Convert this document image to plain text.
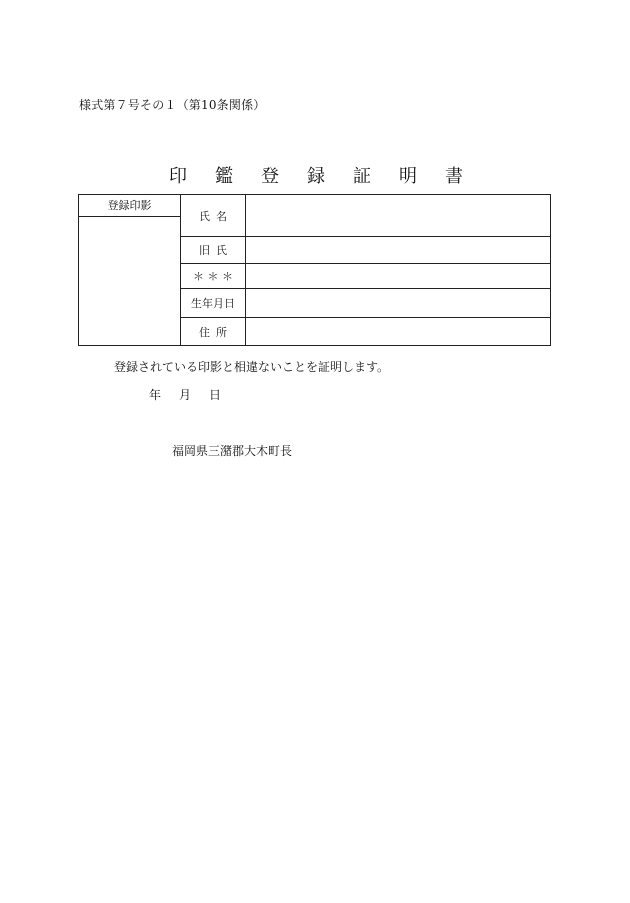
様式第７号その１（第10条関係）
印 鑑 登 録 証 明 書
登録印影	氏 名	

	旧 氏	

	＊ ＊ ＊	

	生年月日	

	住 所	

登録されている印影と相違ないことを証明します。
年 月 日
福岡県三潴郡大木町長
